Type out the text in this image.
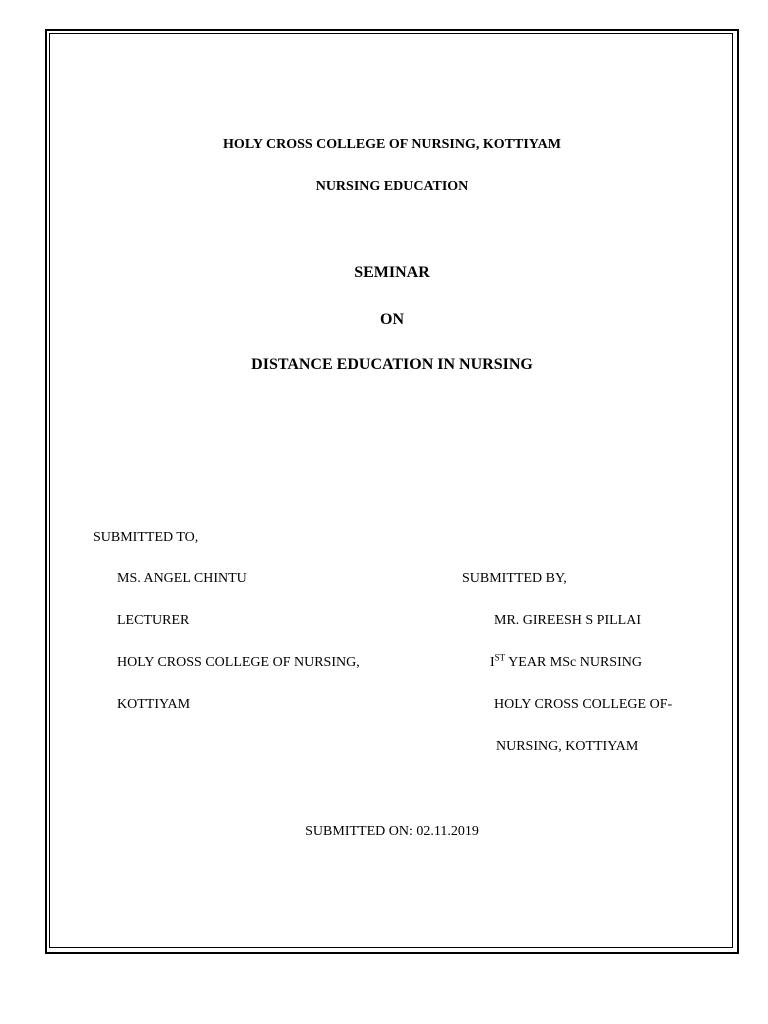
HOLY CROSS COLLEGE OF NURSING, KOTTIYAM
NURSING EDUCATION
SEMINAR
ON
DISTANCE EDUCATION IN NURSING
SUBMITTED TO,
MS. ANGEL CHINTU
LECTURER
HOLY CROSS COLLEGE OF NURSING,
KOTTIYAM
SUBMITTED BY,
MR. GIREESH S PILLAI
IST YEAR MSc NURSING
HOLY CROSS COLLEGE OF-
NURSING, KOTTIYAM
SUBMITTED ON: 02.11.2019
